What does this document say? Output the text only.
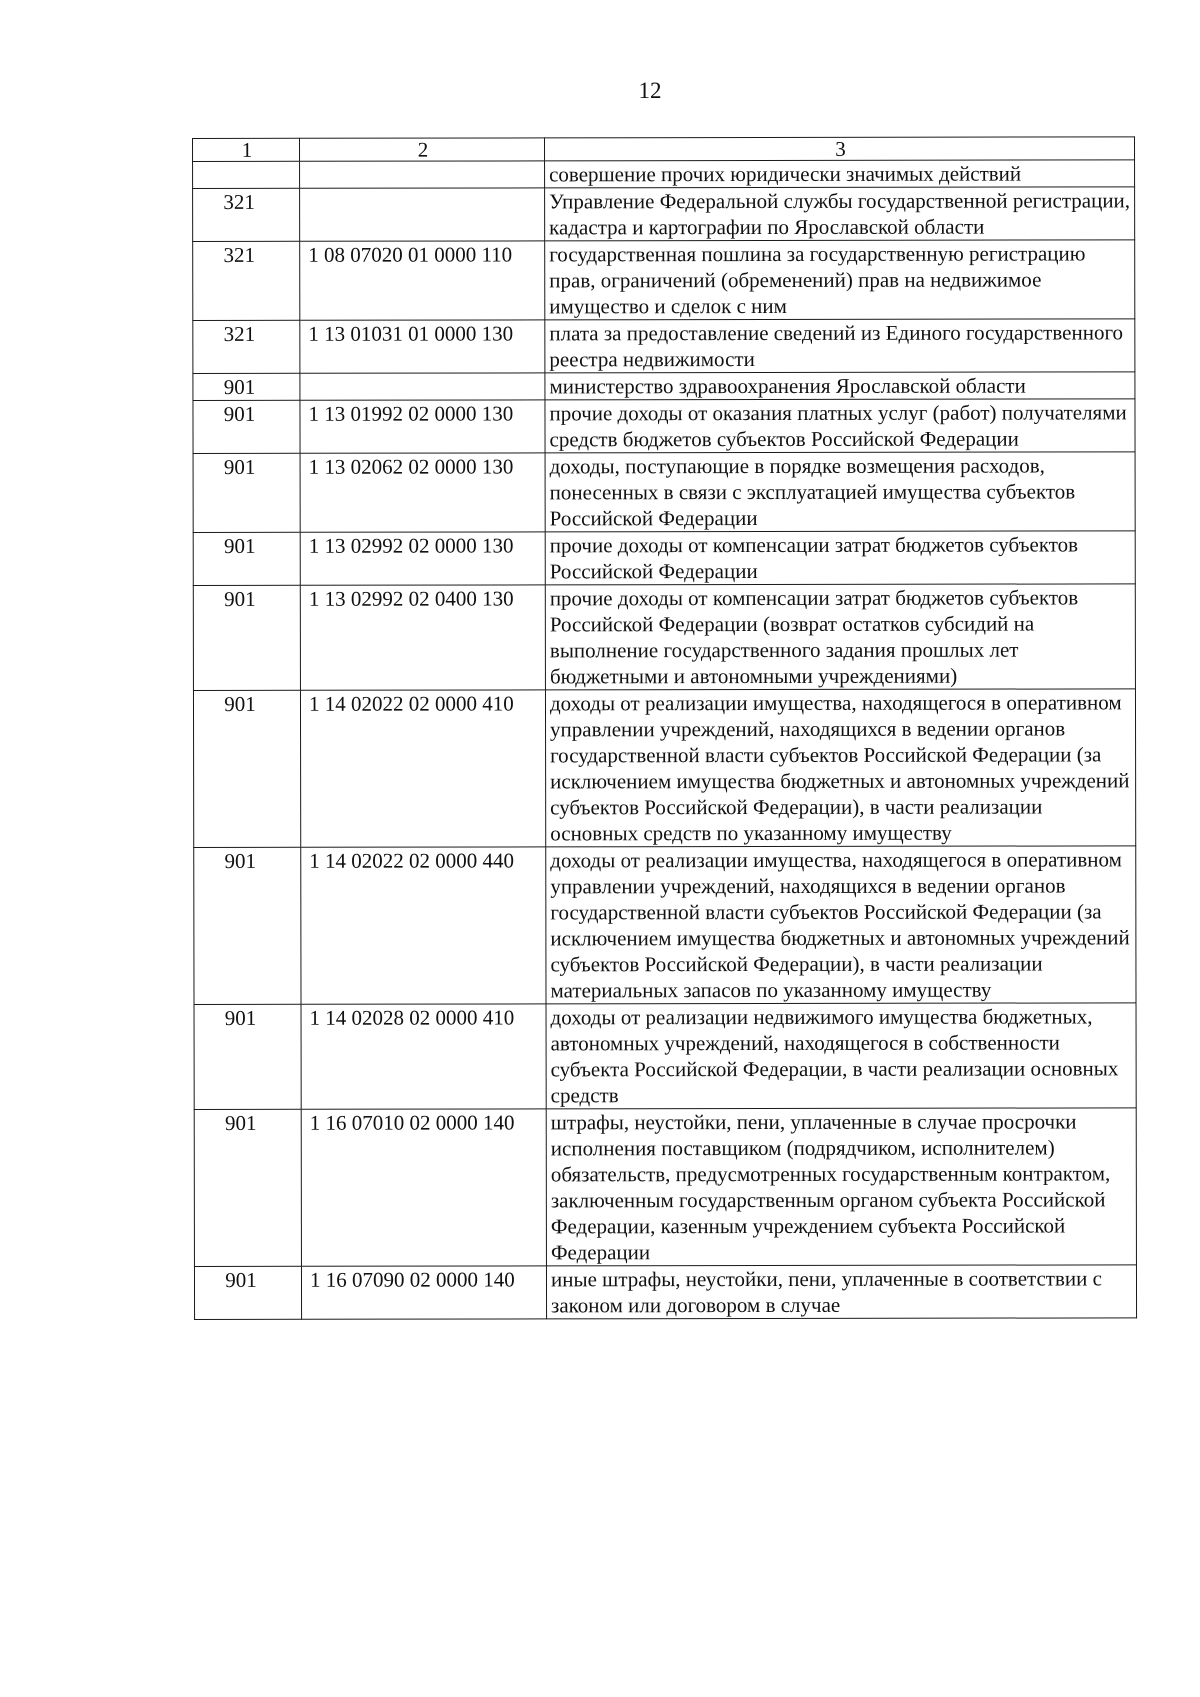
12
1	2	3
		совершение прочих юридически значимых действий
321		Управление Федеральной службы государственной регистрации, кадастра и картографии по Ярославской области
321	1 08 07020 01 0000 110	государственная пошлина за государственную регистрацию прав, ограничений (обременений) прав на недвижимое имущество и сделок с ним
321	1 13 01031 01 0000 130	плата за предоставление сведений из Единого государственного реестра недвижимости
901		министерство здравоохранения Ярославской области
901	1 13 01992 02 0000 130	прочие доходы от оказания платных услуг (работ) получателями средств бюджетов субъектов Российской Федерации
901	1 13 02062 02 0000 130	доходы, поступающие в порядке возмещения расходов, понесенных в связи с эксплуатацией имущества субъектов Российской Федерации
901	1 13 02992 02 0000 130	прочие доходы от компенсации затрат бюджетов субъектов Российской Федерации
901	1 13 02992 02 0400 130	прочие доходы от компенсации затрат бюджетов субъектов Российской Федерации (возврат остатков субсидий на выполнение государственного задания прошлых лет бюджетными и автономными учреждениями)
901	1 14 02022 02 0000 410	доходы от реализации имущества, находящегося в оперативном управлении учреждений, находящихся в ведении органов государственной власти субъектов Российской Федерации (за исключением имущества бюджетных и автономных учреждений субъектов Российской Федерации), в части реализации основных средств по указанному имуществу
901	1 14 02022 02 0000 440	доходы от реализации имущества, находящегося в оперативном управлении учреждений, находящихся в ведении органов государственной власти субъектов Российской Федерации (за исключением имущества бюджетных и автономных учреждений субъектов Российской Федерации), в части реализации материальных запасов по указанному имуществу
901	1 14 02028 02 0000 410	доходы от реализации недвижимого имущества бюджетных, автономных учреждений, находящегося в собственности субъекта Российской Федерации, в части реализации основных средств
901	1 16 07010 02 0000 140	штрафы, неустойки, пени, уплаченные в случае просрочки исполнения поставщиком (подрядчиком, исполнителем) обязательств, предусмотренных государственным контрактом, заключенным государственным органом субъекта Российской Федерации, казенным учреждением субъекта Российской Федерации
901	1 16 07090 02 0000 140	иные штрафы, неустойки, пени, уплаченные в соответствии с законом или договором в случае
